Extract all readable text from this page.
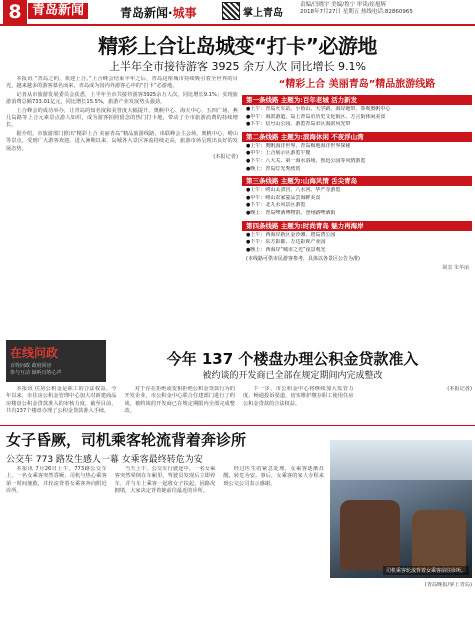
8 青岛新闻	青岛新闻·城事	掌上青岛
责编/闫晓宇 美编/鲁宁 审读/崔旭辉
2018年7月27日 星期五 热线电话:82860965
精彩上合让岛城变“打卡”必游地
上半年全市接待游客 3925 余万人次 同比增长 9.1%

本报讯 “青岛之约，欢迎上合。”上合峰会结束半年之后，青岛这座城市持续吸引着全世界的目光，越来越多的游客慕名而来，青岛成为国内外游客心中的“打卡”必游地。

记者从市旅游发展委员会获悉，上半年全市共接待游客3925余万人次，同比增长9.1%；实现旅游消费总额733.01亿元，同比增长15.5%，旅游产业发展势头强劲。

上合峰会的成功举办，让青岛的知名度和美誉度大幅提升。奥帆中心、海天中心、五四广场、燕儿岛路等上合元素景点游人如织，成为游客拍照留念的热门打卡地，带动了全市旅游消费的持续增长。

据介绍，市旅游部门推出“精彩上合 美丽青岛”精品旅游线路，串联峰会主会场、奥帆中心、崂山等景点，受到广大游客欢迎。进入暑期以来，岛城各大景区客流持续走高，旅游市场呈现出良好的发展态势。

(本报记者)
“精彩上合 美丽青岛”精品旅游线路
第一条线路 主题为:百年老城 活力新发
●上午：青岛火车站、小鱼山、大学路、海岸地带，参观奥帆中心
●中午：海滨游道，岛上青岛市历史文化街区、方言街休闲美食
●下午：信号山公园，游览青岛市区海滨风光带
第二条线路 主题为:滨海休闲 不夜浮山湾
●上午：奥帆海洋世界，青岛极地海洋世界探秘
●中午：上合展示区游览午餐
●下午：八大关、第一海水浴场、鲁迅公园等风情游览
●晚上：青岛灯光秀欣赏
第三条线路 主题为:山海风情 舌尖青岛
●上午：崂山太清宫、八水河、华严寺游览
●中午：崂山农家宴品尝海鲜美食
●下午：北九水风景区游览
●晚上：青岛啤酒博物馆、登州路啤酒街
第四条线路 主题为:时尚青岛 魅力再海岸
●上午：西海岸新区金沙滩、唐岛湾公园
●下午：东方影都、万达影视产业园
●晚上：西海岸“城市之光”夜景观光
(本线路可供市民游客参考，具体以各景区公告为准)
制表 朱华丽
在线问政
百姓问政 政府回应
参与互动 倾听百姓心声
今年 137 个楼盘办理公积金贷款准入
被约谈的开发商已全部在规定期间内完成整改

本报讯 住房公积金是职工的合法权益。今年以来，市住房公积金管理中心加大对新建商品房楼盘公积金贷款准入的审核力度，截至目前，共有137个楼盘办理了公积金贷款准入手续。

对于存在拒绝或变相拒绝公积金贷款行为的开发企业，市公积金中心联合住建部门进行了约谈，被约谈的开发商已在规定期限内全部完成整改。

下一步，市公积金中心将继续加大监管力度，畅通投诉渠道，切实维护缴存职工使用住房公积金贷款的合法权益。

(本报记者)
女子昏厥，司机乘客轮流背着奔诊所
公交车 773 路发生感人一幕 女乘客最终转危为安

本报讯 7月26日上午，773路公交车上，一名女乘客突然昏厥，司机与热心乘客第一时间施救，并轮流背着女乘客奔向附近诊所。

当天上午，公交车行驶途中，一名女乘客突然晕倒在车厢里。驾驶员发现后立即停车，并与车上乘客一起将女子扶起，因路况拥堵，大家决定背着她前往最近的诊所。

经过医生的紧急处理，女乘客逐渐苏醒，转危为安。事后，女乘客的家人专程来到公交公司表示感谢。

司机乘客轮流背着女乘客前往诊所。
(青岛晚报/掌上青岛)
